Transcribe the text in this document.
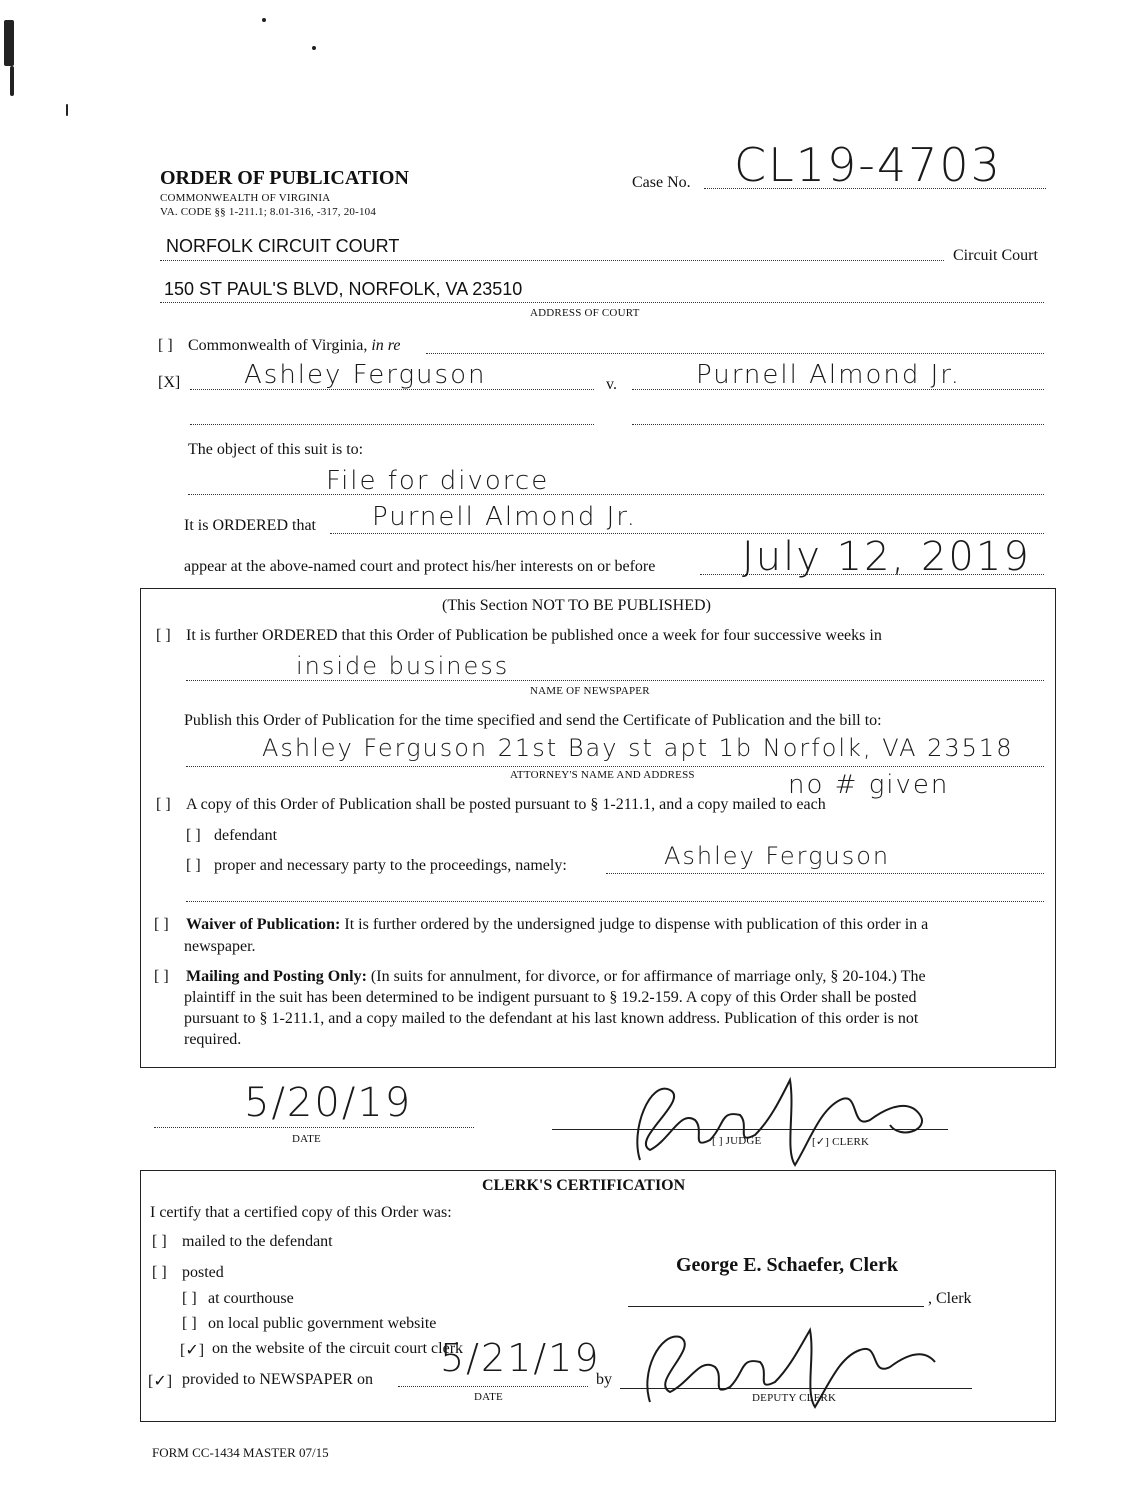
ORDER OF PUBLICATION
COMMONWEALTH OF VIRGINIA
VA. CODE §§ 1-211.1; 8.01-316, -317, 20-104
Case No. CL19-4703
NORFOLK CIRCUIT COURT	Circuit Court
150 ST PAUL'S BLVD, NORFOLK, VA 23510
ADDRESS OF COURT
[ ] Commonwealth of Virginia, in re
[X] Ashley Ferguson	v.	Purnell Almond Jr.
The object of this suit is to:
File for divorce
It is ORDERED that Purnell Almond Jr.
appear at the above-named court and protect his/her interests on or before July 12, 2019
(This Section NOT TO BE PUBLISHED)
[ ] It is further ORDERED that this Order of Publication be published once a week for four successive weeks in
inside business
NAME OF NEWSPAPER
Publish this Order of Publication for the time specified and send the Certificate of Publication and the bill to:
Ashley Ferguson 21st Bay st apt 1b Norfolk, VA 23518
ATTORNEY'S NAME AND ADDRESS	no # given
[ ] A copy of this Order of Publication shall be posted pursuant to § 1-211.1, and a copy mailed to each
[ ] defendant
[ ] proper and necessary party to the proceedings, namely:	Ashley Ferguson
[ ] Waiver of Publication: It is further ordered by the undersigned judge to dispense with publication of this order in a
newspaper.
[ ] Mailing and Posting Only: (In suits for annulment, for divorce, or for affirmance of marriage only, § 20-104.) The
plaintiff in the suit has been determined to be indigent pursuant to § 19.2-159. A copy of this Order shall be posted
pursuant to § 1-211.1, and a copy mailed to the defendant at his last known address. Publication of this order is not
required.
5/20/19
DATE	[ ] JUDGE	[✓] CLERK
CLERK'S CERTIFICATION
I certify that a certified copy of this Order was:
[ ] mailed to the defendant
[ ] posted	George E. Schaefer, Clerk
, Clerk
[ ] at courthouse
[ ] on local public government website
[✓] on the website of the circuit court clerk
[✓] provided to NEWSPAPER on 5/21/19
DATE
by
DEPUTY CLERK
FORM CC-1434 MASTER 07/15
